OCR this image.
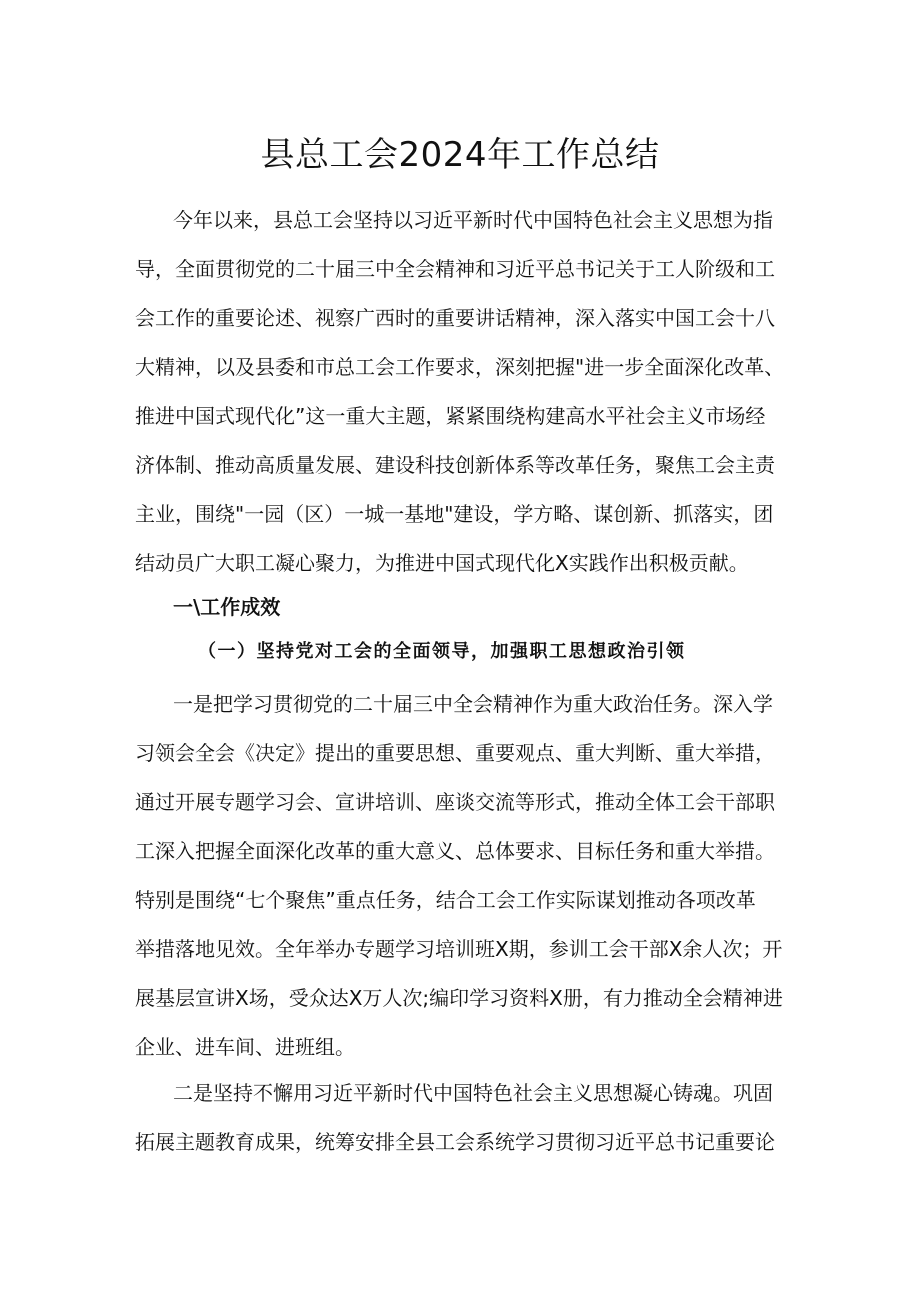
县总工会2024年工作总结
今年以来，县总工会坚持以习近平新时代中国特色社会主义思想为指
导，全面贯彻党的二十届三中全会精神和习近平总书记关于工人阶级和工
会工作的重要论述、视察广西时的重要讲话精神，深入落实中国工会十八
大精神，以及县委和市总工会工作要求，深刻把握"进一步全面深化改革、
推进中国式现代化”这一重大主题，紧紧围绕构建高水平社会主义市场经
济体制、推动高质量发展、建设科技创新体系等改革任务，聚焦工会主责
主业，围绕"一园（区）一城一基地"建设，学方略、谋创新、抓落实，团
结动员广大职工凝心聚力，为推进中国式现代化X实践作出积极贡献。
一\工作成效
（一）坚持党对工会的全面领导，加强职工思想政治引领
一是把学习贯彻党的二十届三中全会精神作为重大政治任务。深入学
习领会全会《决定》提出的重要思想、重要观点、重大判断、重大举措，
通过开展专题学习会、宣讲培训、座谈交流等形式，推动全体工会干部职
工深入把握全面深化改革的重大意义、总体要求、目标任务和重大举措。
特别是围绕“七个聚焦”重点任务，结合工会工作实际谋划推动各项改革
举措落地见效。全年举办专题学习培训班X期，参训工会干部X余人次；开
展基层宣讲X场，受众达X万人次;编印学习资料X册，有力推动全会精神进
企业、进车间、进班组。
二是坚持不懈用习近平新时代中国特色社会主义思想凝心铸魂。巩固
拓展主题教育成果，统筹安排全县工会系统学习贯彻习近平总书记重要论
